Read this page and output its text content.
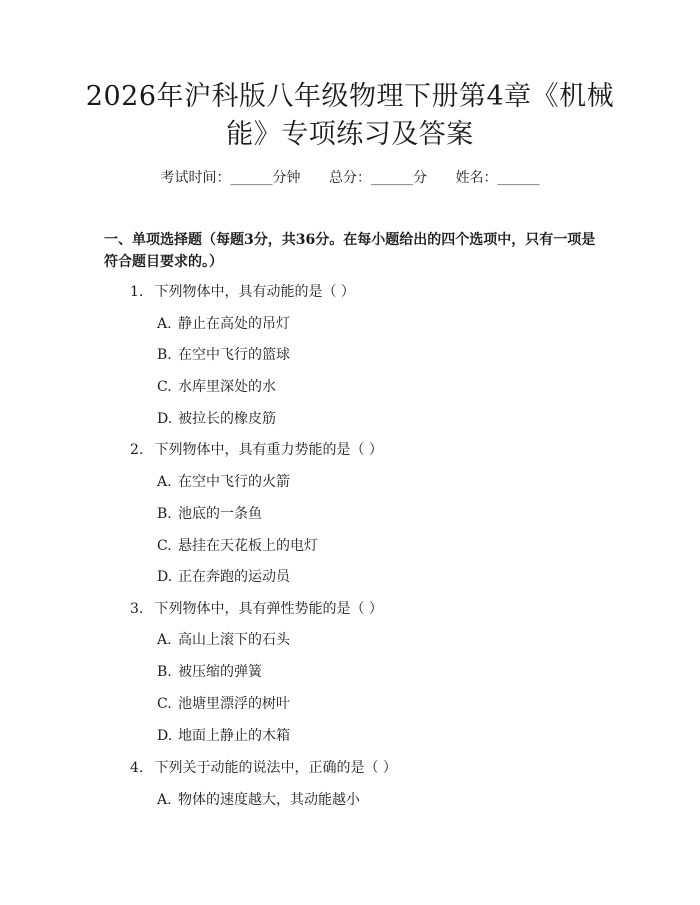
2026年沪科版八年级物理下册第4章《机械
能》专项练习及答案
考试时间：______分钟 总分：______分 姓名：______
一、单项选择题（每题3分，共36分。在每小题给出的四个选项中，只有一项是符合题目要求的。）
1. 下列物体中，具有动能的是（ ）
A. 静止在高处的吊灯
B. 在空中飞行的篮球
C. 水库里深处的水
D. 被拉长的橡皮筋
2. 下列物体中，具有重力势能的是（ ）
A. 在空中飞行的火箭
B. 池底的一条鱼
C. 悬挂在天花板上的电灯
D. 正在奔跑的运动员
3. 下列物体中，具有弹性势能的是（ ）
A. 高山上滚下的石头
B. 被压缩的弹簧
C. 池塘里漂浮的树叶
D. 地面上静止的木箱
4. 下列关于动能的说法中，正确的是（ ）
A. 物体的速度越大，其动能越小
